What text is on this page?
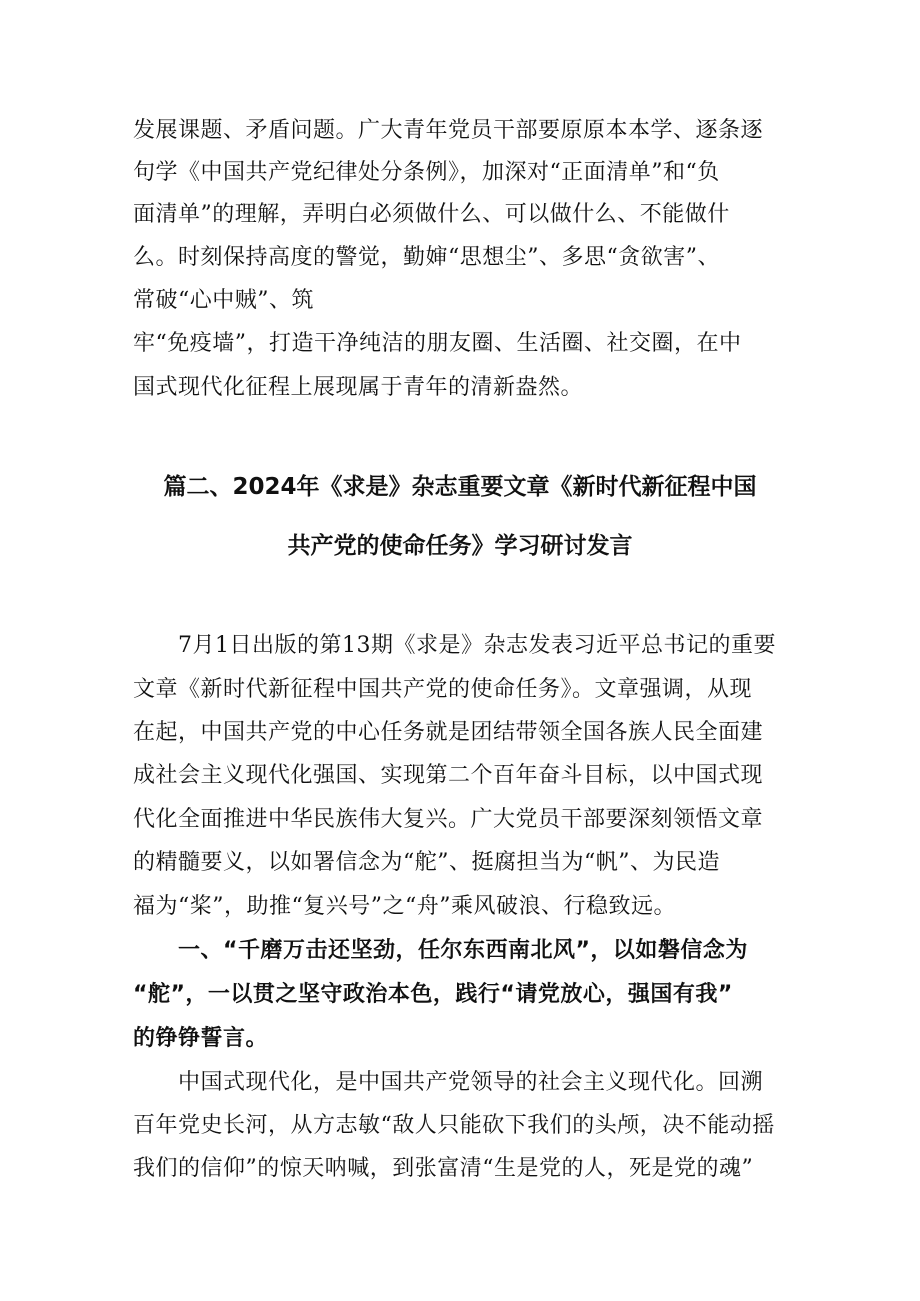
发展课题、矛盾问题。广大青年党员干部要原原本本学、逐条逐
句学《中国共产党纪律处分条例》，加深对“正面清单”和“负
面清单”的理解，弄明白必须做什么、可以做什么、不能做什
么。时刻保持高度的警觉，勤婶“思想尘”、多思“贪欲害”、
常破“心中贼”、筑
牢“免疫墙”，打造干净纯洁的朋友圈、生活圈、社交圈，在中
国式现代化征程上展现属于青年的清新盎然。
篇二、2024年《求是》杂志重要文章《新时代新征程中国
共产党的使命任务》学习研讨发言
7月1日出版的第13期《求是》杂志发表习近平总书记的重要
文章《新时代新征程中国共产党的使命任务》。文章强调，从现
在起，中国共产党的中心任务就是团结带领全国各族人民全面建
成社会主义现代化强国、实现第二个百年奋斗目标，以中国式现
代化全面推进中华民族伟大复兴。广大党员干部要深刻领悟文章
的精髓要义，以如署信念为“舵”、挺腐担当为“帆”、为民造
福为“桨”，助推“复兴号”之“舟”乘风破浪、行稳致远。
一、“千磨万击还坚劲，任尔东西南北风”，以如磐信念为
“舵”，一以贯之坚守政治本色，践行“请党放心，强国有我”
的铮铮誓言。
中国式现代化，是中国共产党领导的社会主义现代化。回溯
百年党史长河，从方志敏“敌人只能砍下我们的头颅，决不能动摇
我们的信仰”的惊天呐喊，到张富清“生是党的人，死是党的魂”
